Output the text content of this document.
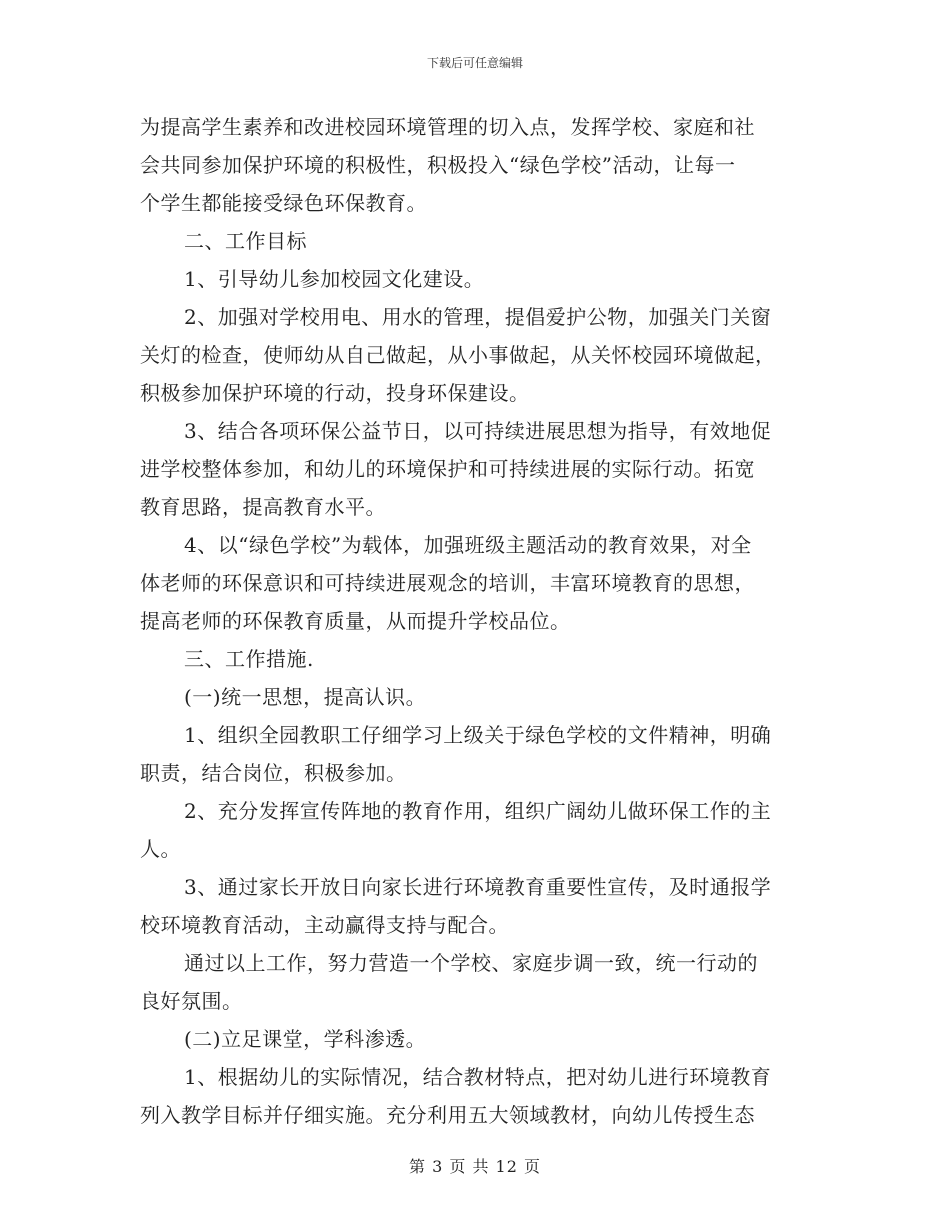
下载后可任意编辑
为提高学生素养和改进校园环境管理的切入点，发挥学校、家庭和社
会共同参加保护环境的积极性，积极投入“绿色学校”活动，让每一
个学生都能接受绿色环保教育。
二、工作目标
1、引导幼儿参加校园文化建设。
2、加强对学校用电、用水的管理，提倡爱护公物，加强关门关窗
关灯的检查，使师幼从自己做起，从小事做起，从关怀校园环境做起，
积极参加保护环境的行动，投身环保建设。
3、结合各项环保公益节日，以可持续进展思想为指导，有效地促
进学校整体参加，和幼儿的环境保护和可持续进展的实际行动。拓宽
教育思路，提高教育水平。
4、以“绿色学校”为载体，加强班级主题活动的教育效果，对全
体老师的环保意识和可持续进展观念的培训，丰富环境教育的思想，
提高老师的环保教育质量，从而提升学校品位。
三、工作措施.
(一)统一思想，提高认识。
1、组织全园教职工仔细学习上级关于绿色学校的文件精神，明确
职责，结合岗位，积极参加。
2、充分发挥宣传阵地的教育作用，组织广阔幼儿做环保工作的主
人。
3、通过家长开放日向家长进行环境教育重要性宣传，及时通报学
校环境教育活动，主动赢得支持与配合。
通过以上工作，努力营造一个学校、家庭步调一致，统一行动的
良好氛围。
(二)立足课堂，学科渗透。
1、根据幼儿的实际情况，结合教材特点，把对幼儿进行环境教育
列入教学目标并仔细实施。充分利用五大领域教材，向幼儿传授生态
第 3 页 共 12 页
